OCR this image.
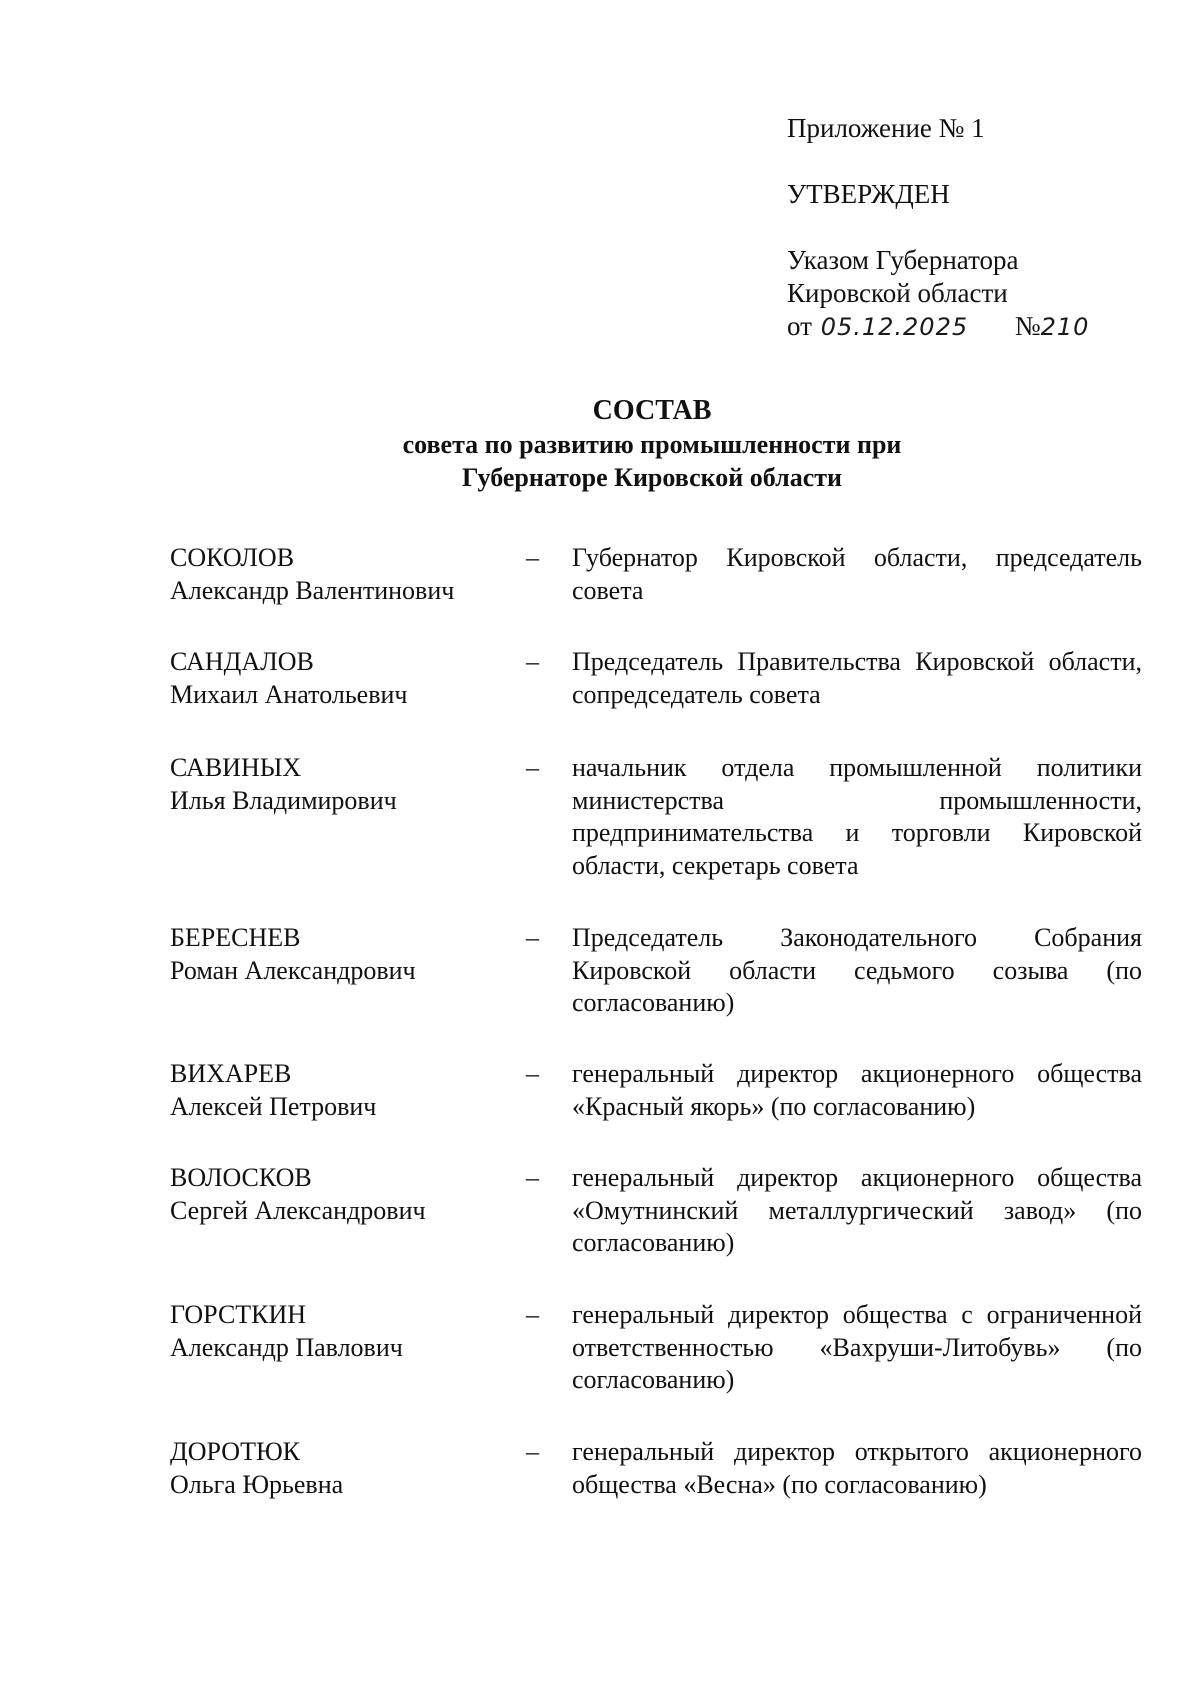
Приложение № 1
УТВЕРЖДЕН
Указом Губернатора
Кировской области
от 05.12.2025 №210
СОСТАВ
совета по развитию промышленности при
Губернаторе Кировской области
СОКОЛОВ
Александр Валентинович
– Губернатор Кировской области, председатель совета
САНДАЛОВ
Михаил Анатольевич
– Председатель Правительства Кировской области, сопредседатель совета
САВИНЫХ
Илья Владимирович
– начальник отдела промышленной политики министерства промышленности, предпринимательства и торговли Кировской области, секретарь совета
БЕРЕСНЕВ
Роман Александрович
– Председатель Законодательного Собрания Кировской области седьмого созыва (по согласованию)
ВИХАРЕВ
Алексей Петрович
– генеральный директор акционерного общества «Красный якорь» (по согласованию)
ВОЛОСКОВ
Сергей Александрович
– генеральный директор акционерного общества «Омутнинский металлургический завод» (по согласованию)
ГОРСТКИН
Александр Павлович
– генеральный директор общества с ограниченной ответственностью «Вахруши-Литобувь» (по согласованию)
ДОРОТЮК
Ольга Юрьевна
– генеральный директор открытого акционерного общества «Весна» (по согласованию)
